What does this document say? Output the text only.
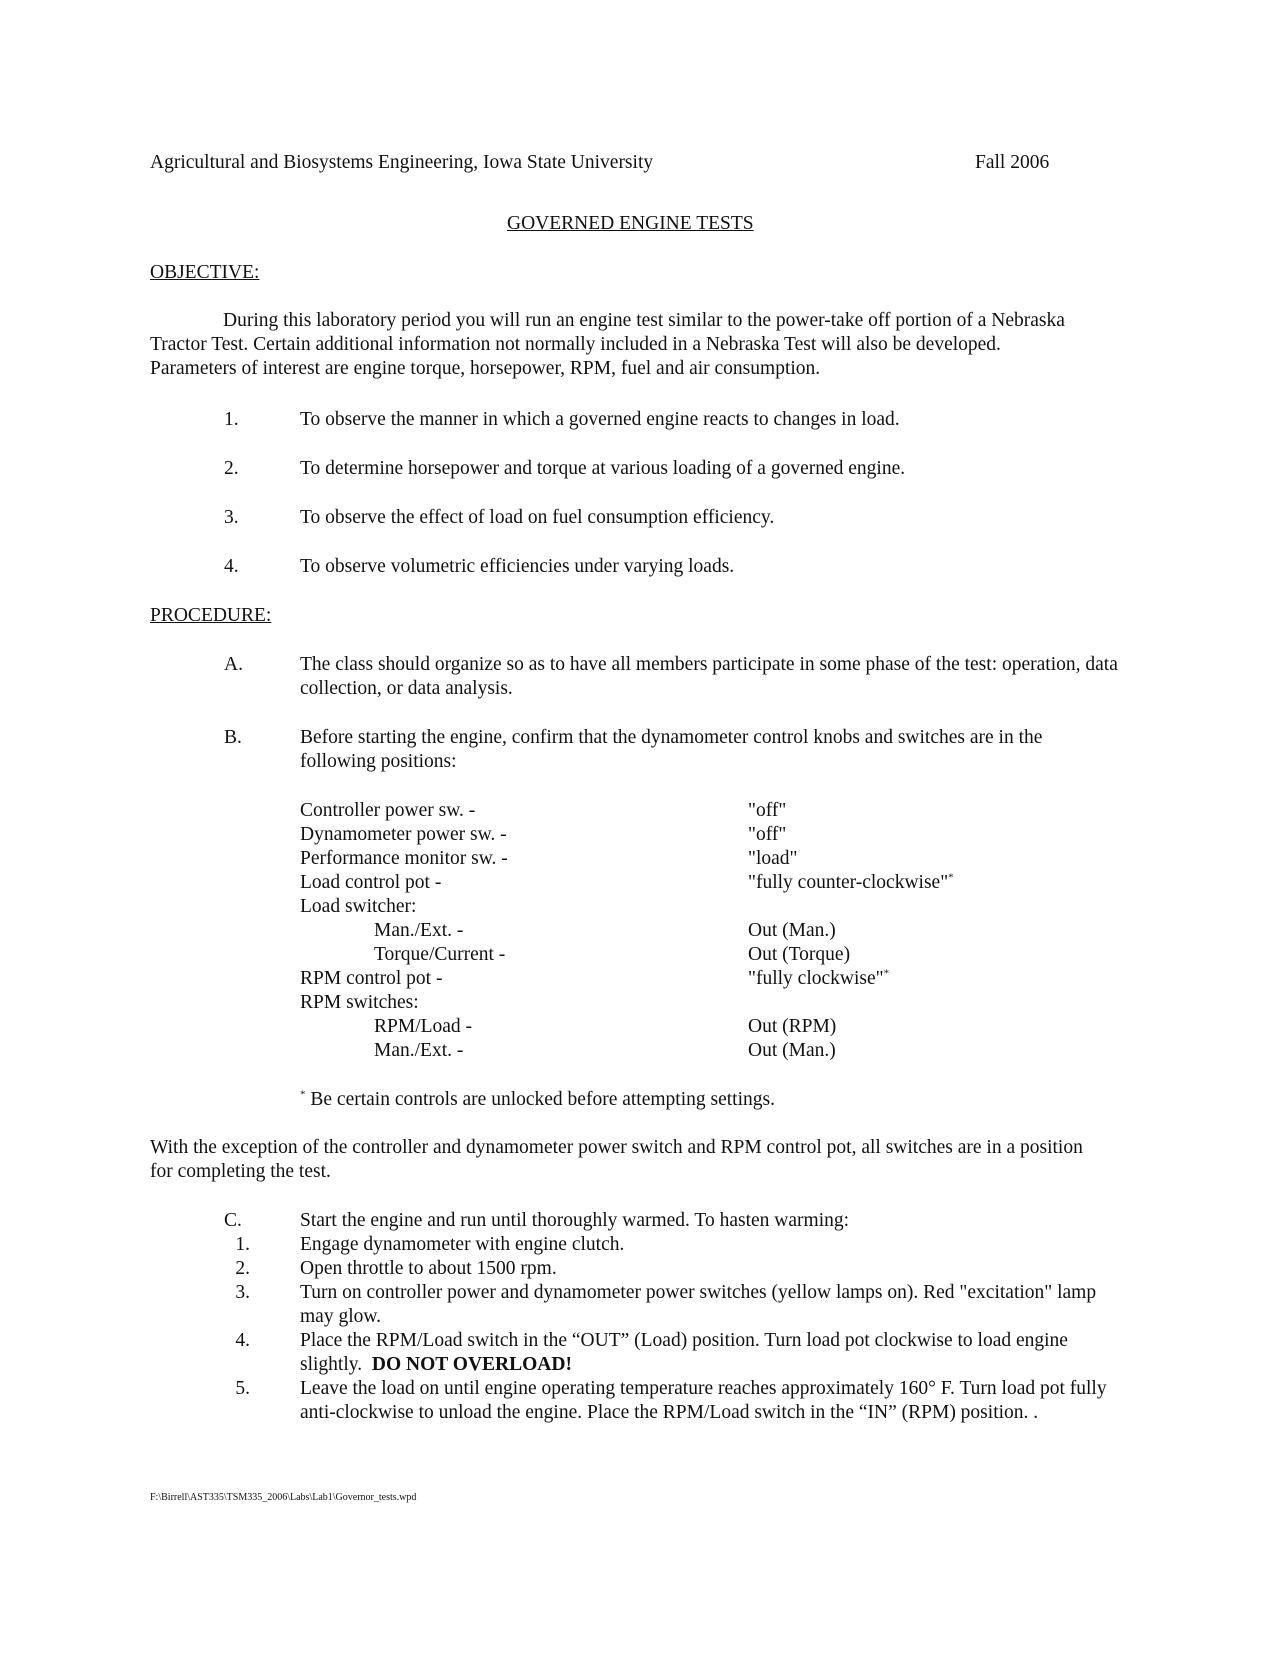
Agricultural and Biosystems Engineering, Iowa State University	Fall 2006
GOVERNED ENGINE TESTS
OBJECTIVE:
During this laboratory period you will run an engine test similar to the power-take off portion of a Nebraska Tractor Test. Certain additional information not normally included in a Nebraska Test will also be developed. Parameters of interest are engine torque, horsepower, RPM, fuel and air consumption.
1.	To observe the manner in which a governed engine reacts to changes in load.
2.	To determine horsepower and torque at various loading of a governed engine.
3.	To observe the effect of load on fuel consumption efficiency.
4.	To observe volumetric efficiencies under varying loads.
PROCEDURE:
A.	The class should organize so as to have all members participate in some phase of the test: operation, data collection, or data analysis.
B.	Before starting the engine, confirm that the dynamometer control knobs and switches are in the following positions:
Controller power sw. -	"off"
Dynamometer power sw. -	"off"
Performance monitor sw. -	"load"
Load control pot -	"fully counter-clockwise"*
Load switcher:
Man./Ext. -	Out (Man.)
Torque/Current -	Out (Torque)
RPM control pot -	"fully clockwise"*
RPM switches:
RPM/Load -	Out (RPM)
Man./Ext. -	Out (Man.)
* Be certain controls are unlocked before attempting settings.
With the exception of the controller and dynamometer power switch and RPM control pot, all switches are in a position for completing the test.
C.	Start the engine and run until thoroughly warmed. To hasten warming:
1.	Engage dynamometer with engine clutch.
2.	Open throttle to about 1500 rpm.
3.	Turn on controller power and dynamometer power switches (yellow lamps on). Red "excitation" lamp may glow.
4.	Place the RPM/Load switch in the “OUT” (Load) position. Turn load pot clockwise to load engine slightly. DO NOT OVERLOAD!
5.	Leave the load on until engine operating temperature reaches approximately 160° F. Turn load pot fully anti-clockwise to unload the engine. Place the RPM/Load switch in the “IN” (RPM) position. .
F:\Birrell\AST335\TSM335_2006\Labs\Lab1\Governor_tests.wpd
